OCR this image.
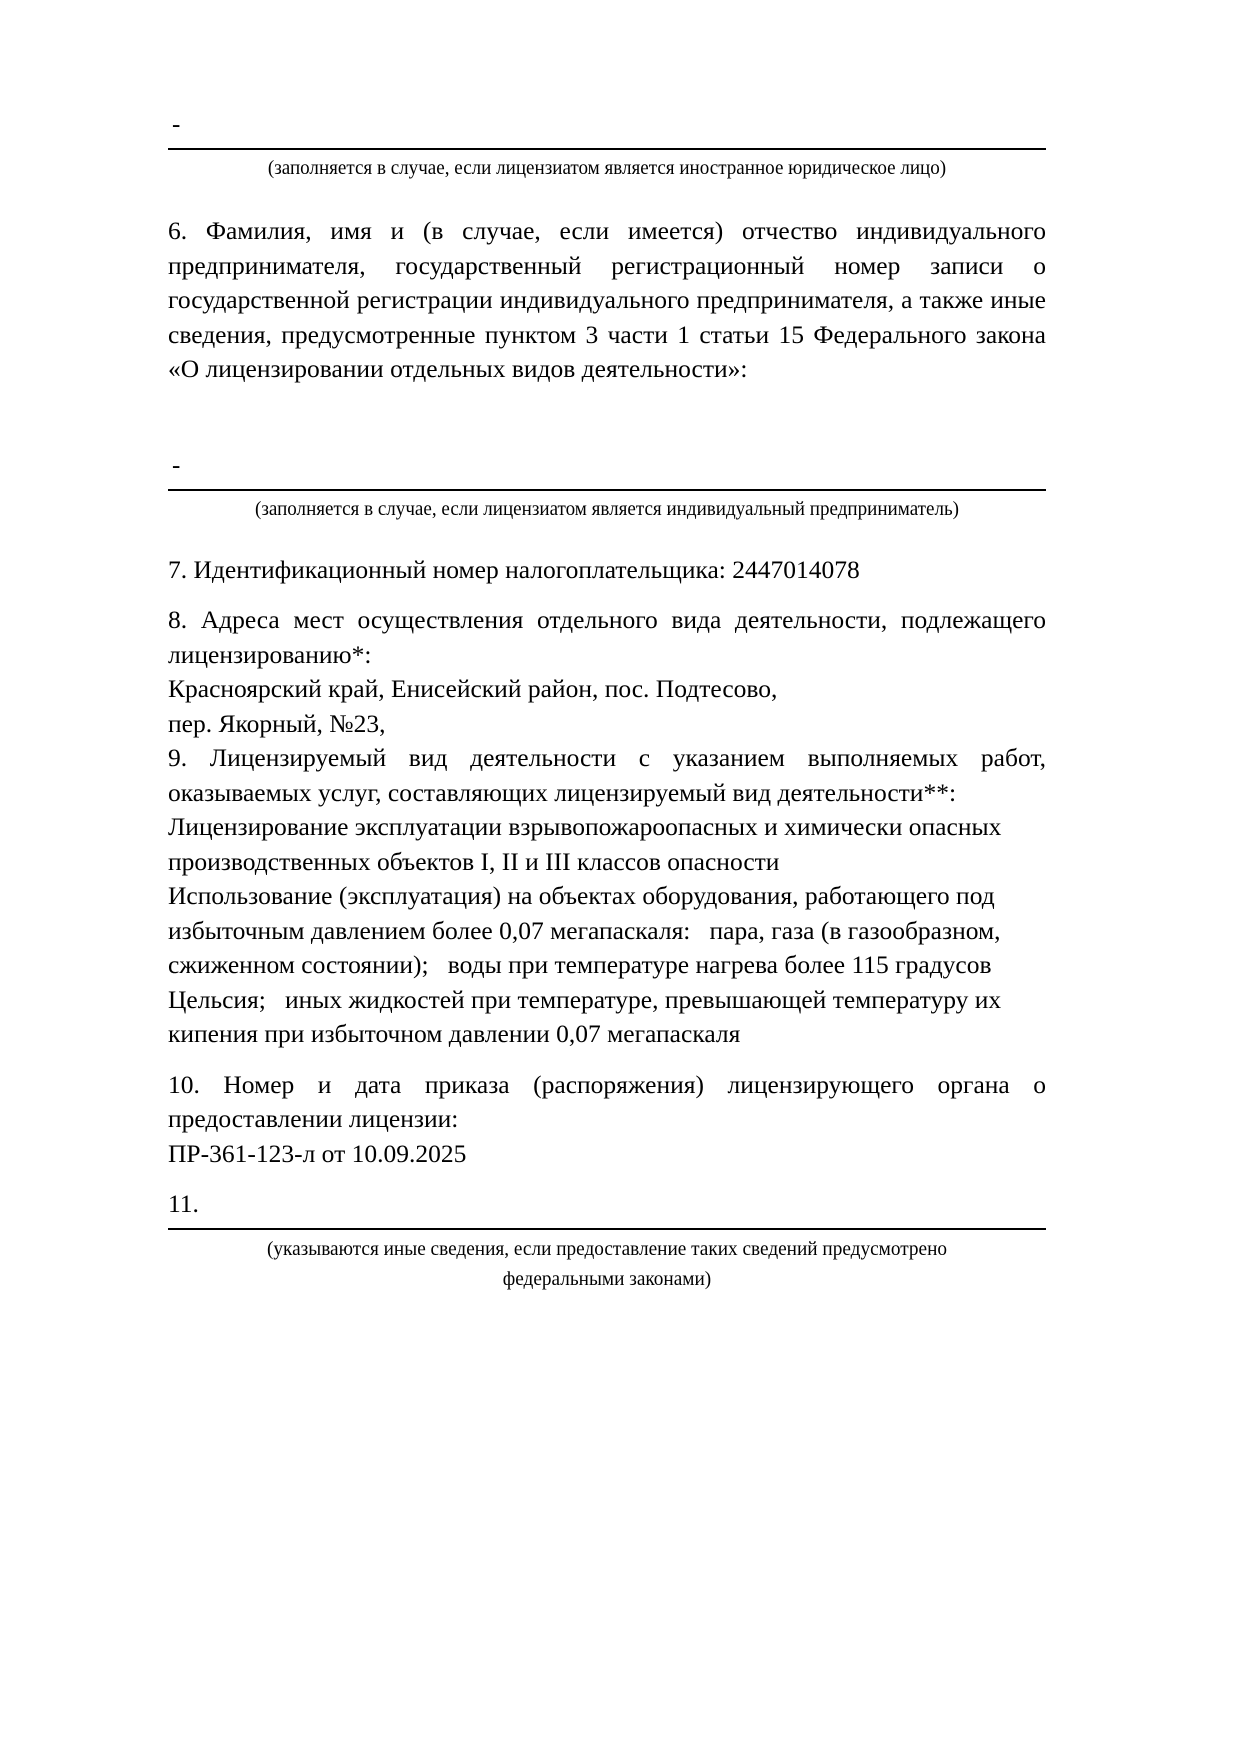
-
(заполняется в случае, если лицензиатом является иностранное юридическое лицо)

6. Фамилия, имя и (в случае, если имеется) отчество индивидуального предпринимателя, государственный регистрационный номер записи о государственной регистрации индивидуального предпринимателя, а также иные сведения, предусмотренные пунктом 3 части 1 статьи 15 Федерального закона «О лицензировании отдельных видов деятельности»:

-
(заполняется в случае, если лицензиатом является индивидуальный предприниматель)

7. Идентификационный номер налогоплательщика: 2447014078

8. Адреса мест осуществления отдельного вида деятельности, подлежащего лицензированию*:

Красноярский край, Енисейский район, пос. Подтесово,

пер. Якорный, №23,

9. Лицензируемый вид деятельности с указанием выполняемых работ, оказываемых услуг, составляющих лицензируемый вид деятельности**:

Лицензирование эксплуатации взрывопожароопасных и химически опасных производственных объектов I, II и III классов опасности

Использование (эксплуатация) на объектах оборудования, работающего под избыточным давлением более 0,07 мегапаскаля:   пара, газа (в газообразном, сжиженном состоянии);   воды при температуре нагрева более 115 градусов Цельсия;   иных жидкостей при температуре, превышающей температуру их кипения при избыточном давлении 0,07 мегапаскаля

10. Номер и дата приказа (распоряжения) лицензирующего органа о предоставлении лицензии:

ПР-361-123-л от 10.09.2025

11.

(указываются иные сведения, если предоставление таких сведений предусмотрено
федеральными законами)
